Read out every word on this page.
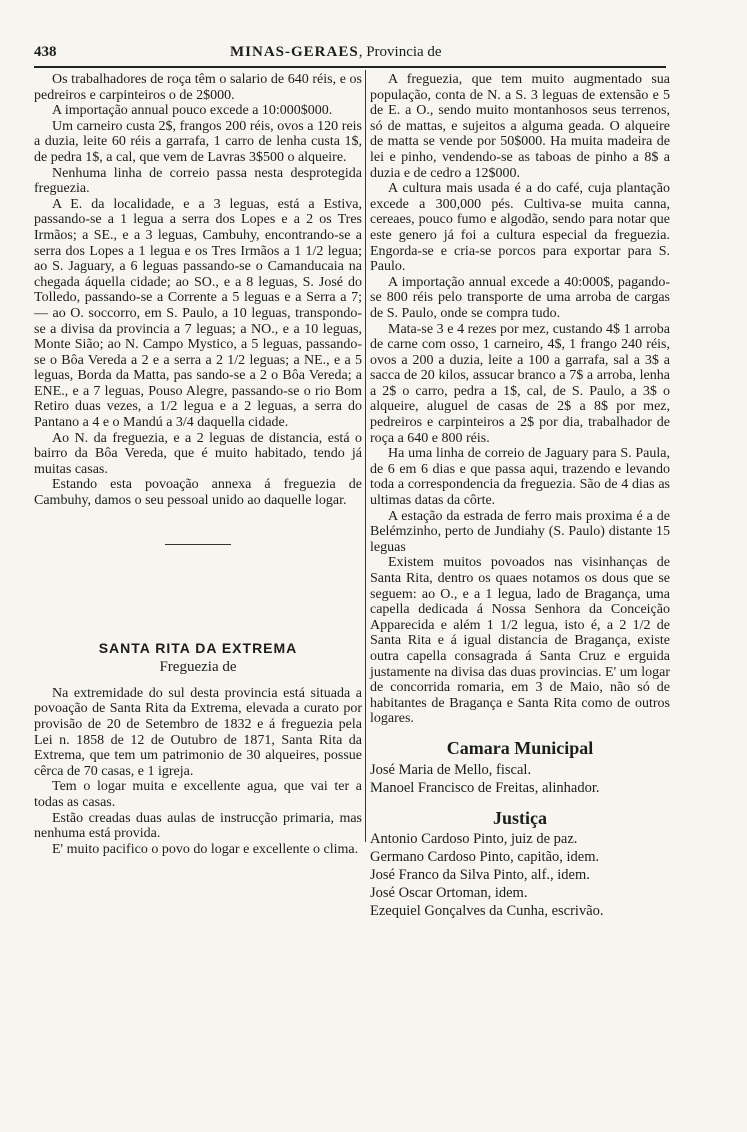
438	MINAS-GERAES, Provincia de

Os trabalhadores de roça têm o salario de 640 réis, e os pedreiros e carpinteiros o de 2$000.

A importação annual pouco excede a 10:000$000.

Um carneiro custa 2$, frangos 200 réis, ovos a 120 reis a duzia, leite 60 réis a garrafa, 1 carro de lenha custa 1$, de pedra 1$, a cal, que vem de Lavras 3$500 o alqueire.

Nenhuma linha de correio passa nesta desprotegida freguezia.

A E. da localidade, e a 3 leguas, está a Estiva, passando-se a 1 legua a serra dos Lopes e a 2 os Tres Irmãos; a SE., e a 3 leguas, Cambuhy, encontrando-se a serra dos Lopes a 1 legua e os Tres Irmãos a 1 1/2 legua; ao S. Jaguary, a 6 leguas passando-se o Camanducaia na chegada áquella cidade; ao SO., e a 8 leguas, S. José do Tolledo, passando-se a Corrente a 5 leguas e a Serra a 7;— ao O. soccorro, em S. Paulo, a 10 leguas, transpondo-se a divisa da provincia a 7 leguas; a NO., e a 10 leguas, Monte Sião; ao N. Campo Mystico, a 5 leguas, passando-se o Bôa Vereda a 2 e a serra a 2 1/2 leguas; a NE., e a 5 leguas, Borda da Matta, pas sando-se a 2 o Bôa Vereda; a ENE., e a 7 leguas, Pouso Alegre, passando-se o rio Bom Retiro duas vezes, a 1/2 legua e a 2 leguas, a serra do Pantano a 4 e o Mandú a 3/4 daquella cidade.

Ao N. da freguezia, e a 2 leguas de distancia, está o bairro da Bôa Vereda, que é muito habitado, tendo já muitas casas.

Estando esta povoação annexa á freguezia de Cambuhy, damos o seu pessoal unido ao daquelle logar.

SANTA RITA DA EXTREMA
Freguezia de

Na extremidade do sul desta provincia está situada a povoação de Santa Rita da Extrema, elevada a curato por provisão de 20 de Setembro de 1832 e á freguezia pela Lei n. 1858 de 12 de Outubro de 1871, Santa Rita da Extrema, que tem um patrimonio de 30 alqueires, possue cêrca de 70 casas, e 1 igreja.

Tem o logar muita e excellente agua, que vai ter a todas as casas.

Estão creadas duas aulas de instrucção primaria, mas nenhuma está provida.

E' muito pacifico o povo do logar e excellente o clima.

A freguezia, que tem muito augmentado sua população, conta de N. a S. 3 leguas de extensão e 5 de E. a O., sendo muito montanhosos seus terrenos, só de mattas, e sujeitos a alguma geada. O alqueire de matta se vende por 50$000. Ha muita madeira de lei e pinho, vendendo-se as taboas de pinho a 8$ a duzia e de cedro a 12$000.

A cultura mais usada é a do café, cuja plantação excede a 300,000 pés. Cultiva-se muita canna, cereaes, pouco fumo e algodão, sendo para notar que este genero já foi a cultura especial da freguezia. Engorda-se e cria-se porcos para exportar para S. Paulo.

A importação annual excede a 40:000$, pagando-se 800 réis pelo transporte de uma arroba de cargas de S. Paulo, onde se compra tudo.

Mata-se 3 e 4 rezes por mez, custando 4$ 1 arroba de carne com osso, 1 carneiro, 4$, 1 frango 240 réis, ovos a 200 a duzia, leite a 100 a garrafa, sal a 3$ a sacca de 20 kilos, assucar branco a 7$ a arroba, lenha a 2$ o carro, pedra a 1$, cal, de S. Paulo, a 3$ o alqueire, aluguel de casas de 2$ a 8$ por mez, pedreiros e carpinteiros a 2$ por dia, trabalhador de roça a 640 e 800 réis.

Ha uma linha de correio de Jaguary para S. Paula, de 6 em 6 dias e que passa aqui, trazendo e levando toda a correspondencia da freguezia. São de 4 dias as ultimas datas da côrte.

A estação da estrada de ferro mais proxima é a de Belémzinho, perto de Jundiahy (S. Paulo) distante 15 leguas

Existem muitos povoados nas visinhanças de Santa Rita, dentro os quaes notamos os dous que se seguem: ao O., e a 1 legua, lado de Bragança, uma capella dedicada á Nossa Senhora da Conceição Apparecida e além 1 1/2 legua, isto é, a 2 1/2 de Santa Rita e á igual distancia de Bragança, existe outra capella consagrada á Santa Cruz e erguida justamente na divisa das duas provincias. E' um logar de concorrida romaria, em 3 de Maio, não só de habitantes de Bragança e Santa Rita como de outros logares.

Camara Municipal
José Maria de Mello, fiscal.
Manoel Francisco de Freitas, alinhador.
Justiça
Antonio Cardoso Pinto, juiz de paz.
Germano Cardoso Pinto, capitão, idem.
José Franco da Silva Pinto, alf., idem.
José Oscar Ortoman, idem.
Ezequiel Gonçalves da Cunha, escrivão.
